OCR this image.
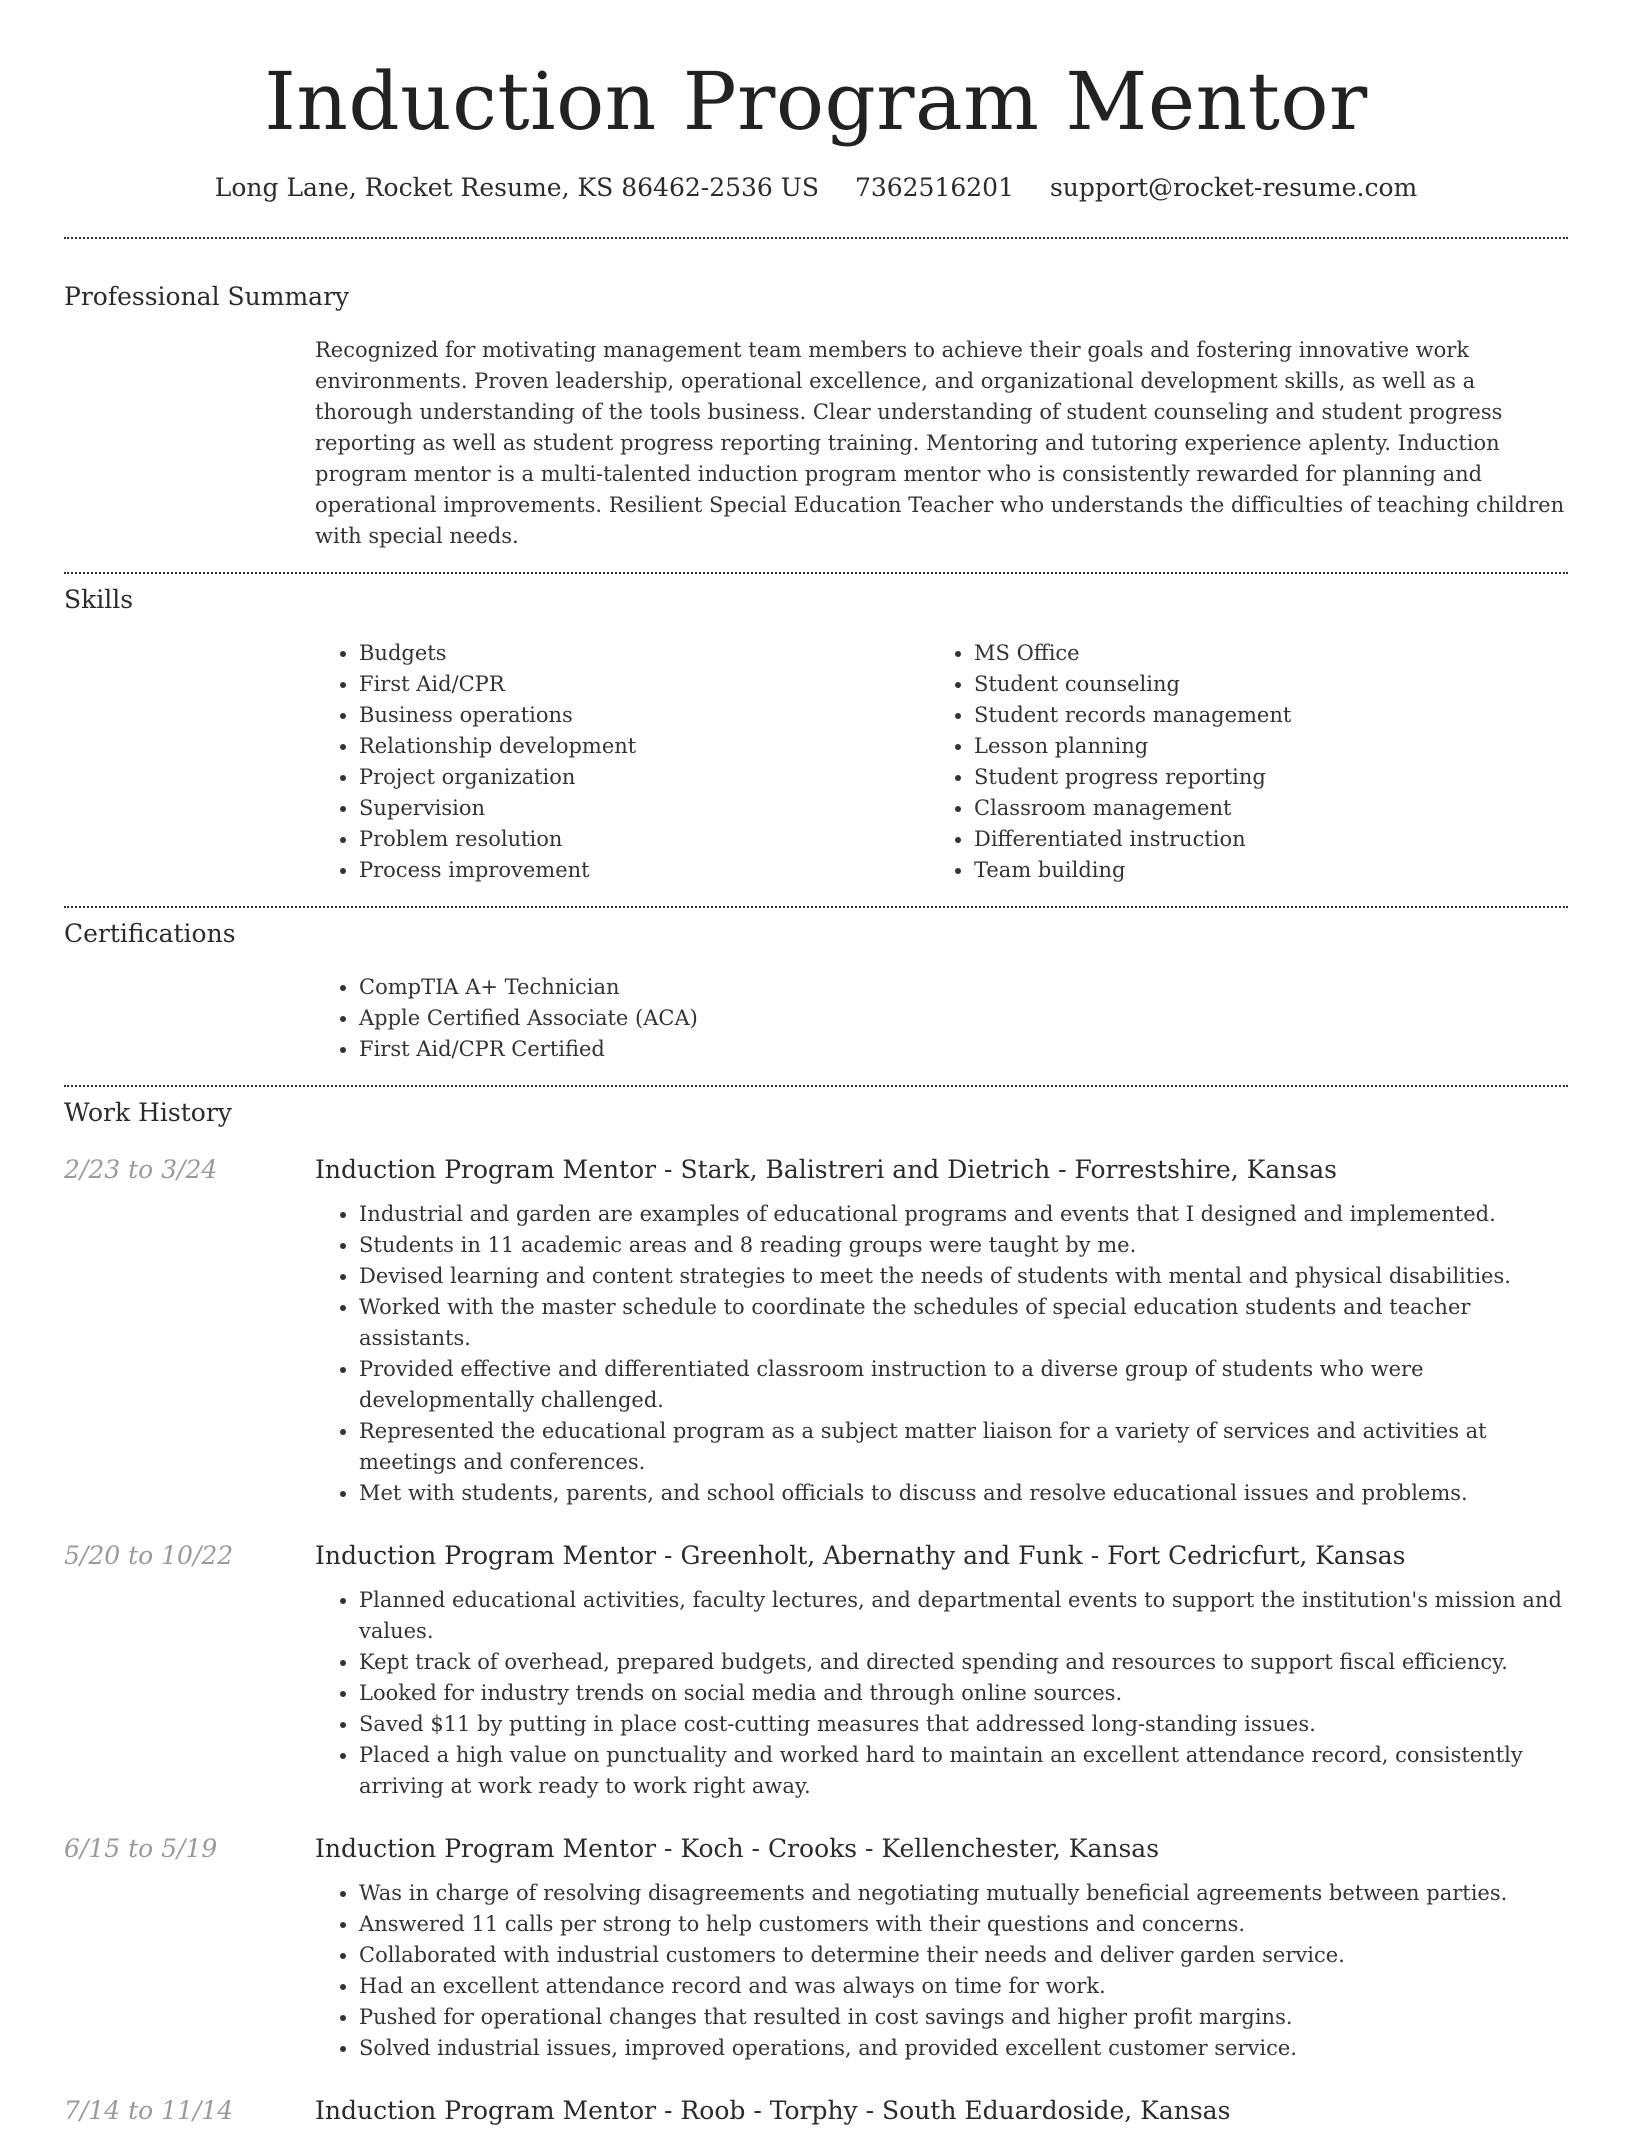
Induction Program Mentor
Long Lane, Rocket Resume, KS 86462-2536 US 7362516201 support@rocket-resume.com
Professional Summary

Recognized for motivating management team members to achieve their goals and fostering innovative work environments. Proven leadership, operational excellence, and organizational development skills, as well as a thorough understanding of the tools business. Clear understanding of student counseling and student progress reporting as well as student progress reporting training. Mentoring and tutoring experience aplenty. Induction program mentor is a multi-talented induction program mentor who is consistently rewarded for planning and operational improvements. Resilient Special Education Teacher who understands the difficulties of teaching children with special needs.

Skills
• Budgets
• First Aid/CPR
• Business operations
• Relationship development
• Project organization
• Supervision
• Problem resolution
• Process improvement
• MS Office
• Student counseling
• Student records management
• Lesson planning
• Student progress reporting
• Classroom management
• Differentiated instruction
• Team building
Certifications
• CompTIA A+ Technician
• Apple Certified Associate (ACA)
• First Aid/CPR Certified
Work History
2/23 to 3/24	Induction Program Mentor - Stark, Balistreri and Dietrich - Forrestshire, Kansas
• Industrial and garden are examples of educational programs and events that I designed and implemented.
• Students in 11 academic areas and 8 reading groups were taught by me.
• Devised learning and content strategies to meet the needs of students with mental and physical disabilities.
• Worked with the master schedule to coordinate the schedules of special education students and teacher assistants.
• Provided effective and differentiated classroom instruction to a diverse group of students who were developmentally challenged.
• Represented the educational program as a subject matter liaison for a variety of services and activities at meetings and conferences.
• Met with students, parents, and school officials to discuss and resolve educational issues and problems.
5/20 to 10/22	Induction Program Mentor - Greenholt, Abernathy and Funk - Fort Cedricfurt, Kansas
• Planned educational activities, faculty lectures, and departmental events to support the institution's mission and values.
• Kept track of overhead, prepared budgets, and directed spending and resources to support fiscal efficiency.
• Looked for industry trends on social media and through online sources.
• Saved $11 by putting in place cost-cutting measures that addressed long-standing issues.
• Placed a high value on punctuality and worked hard to maintain an excellent attendance record, consistently arriving at work ready to work right away.
6/15 to 5/19	Induction Program Mentor - Koch - Crooks - Kellenchester, Kansas
• Was in charge of resolving disagreements and negotiating mutually beneficial agreements between parties.
• Answered 11 calls per strong to help customers with their questions and concerns.
• Collaborated with industrial customers to determine their needs and deliver garden service.
• Had an excellent attendance record and was always on time for work.
• Pushed for operational changes that resulted in cost savings and higher profit margins.
• Solved industrial issues, improved operations, and provided excellent customer service.
7/14 to 11/14	Induction Program Mentor - Roob - Torphy - South Eduardoside, Kansas
